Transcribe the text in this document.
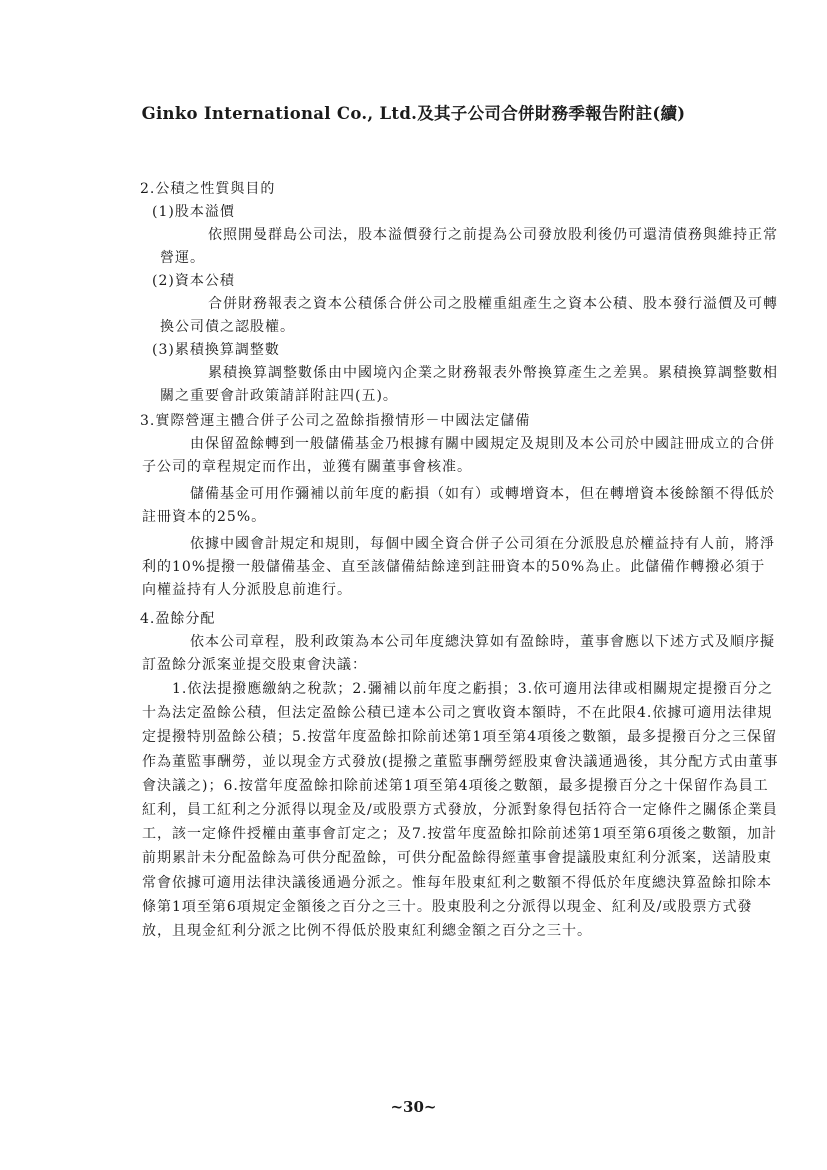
Ginko International Co., Ltd.及其子公司合併財務季報告附註(續)

2.公積之性質與目的

(1)股本溢價

依照開曼群島公司法，股本溢價發行之前提為公司發放股利後仍可還清債務與維持正常營運。

(2)資本公積

合併財務報表之資本公積係合併公司之股權重組產生之資本公積、股本發行溢價及可轉換公司債之認股權。

(3)累積換算調整數

累積換算調整數係由中國境內企業之財務報表外幣換算產生之差異。累積換算調整數相關之重要會計政策請詳附註四(五)。

3.實際營運主體合併子公司之盈餘指撥情形－中國法定儲備

由保留盈餘轉到一般儲備基金乃根據有關中國規定及規則及本公司於中國註冊成立的合併子公司的章程規定而作出，並獲有關董事會核准。

儲備基金可用作彌補以前年度的虧損（如有）或轉增資本，但在轉增資本後餘額不得低於註冊資本的25%。

依據中國會計規定和規則，每個中國全資合併子公司須在分派股息於權益持有人前，將淨利的10%提撥一般儲備基金、直至該儲備結餘達到註冊資本的50%為止。此儲備作轉撥必須于向權益持有人分派股息前進行。

4.盈餘分配

依本公司章程，股利政策為本公司年度總決算如有盈餘時，董事會應以下述方式及順序擬訂盈餘分派案並提交股東會決議：

1.依法提撥應繳納之稅款；2.彌補以前年度之虧損；3.依可適用法律或相關規定提撥百分之十為法定盈餘公積，但法定盈餘公積已達本公司之實收資本額時，不在此限4.依據可適用法律規定提撥特別盈餘公積；5.按當年度盈餘扣除前述第1項至第4項後之數額，最多提撥百分之三保留作為董監事酬勞，並以現金方式發放(提撥之董監事酬勞經股東會決議通過後，其分配方式由董事會決議之)；6.按當年度盈餘扣除前述第1項至第4項後之數額，最多提撥百分之十保留作為員工紅利，員工紅利之分派得以現金及/或股票方式發放，分派對象得包括符合一定條件之關係企業員工，該一定條件授權由董事會訂定之；及7.按當年度盈餘扣除前述第1項至第6項後之數額，加計前期累計未分配盈餘為可供分配盈餘，可供分配盈餘得經董事會提議股東紅利分派案，送請股東常會依據可適用法律決議後通過分派之。惟每年股東紅利之數額不得低於年度總決算盈餘扣除本條第1項至第6項規定金額後之百分之三十。股東股利之分派得以現金、紅利及/或股票方式發放，且現金紅利分派之比例不得低於股東紅利總金額之百分之三十。

~30~
